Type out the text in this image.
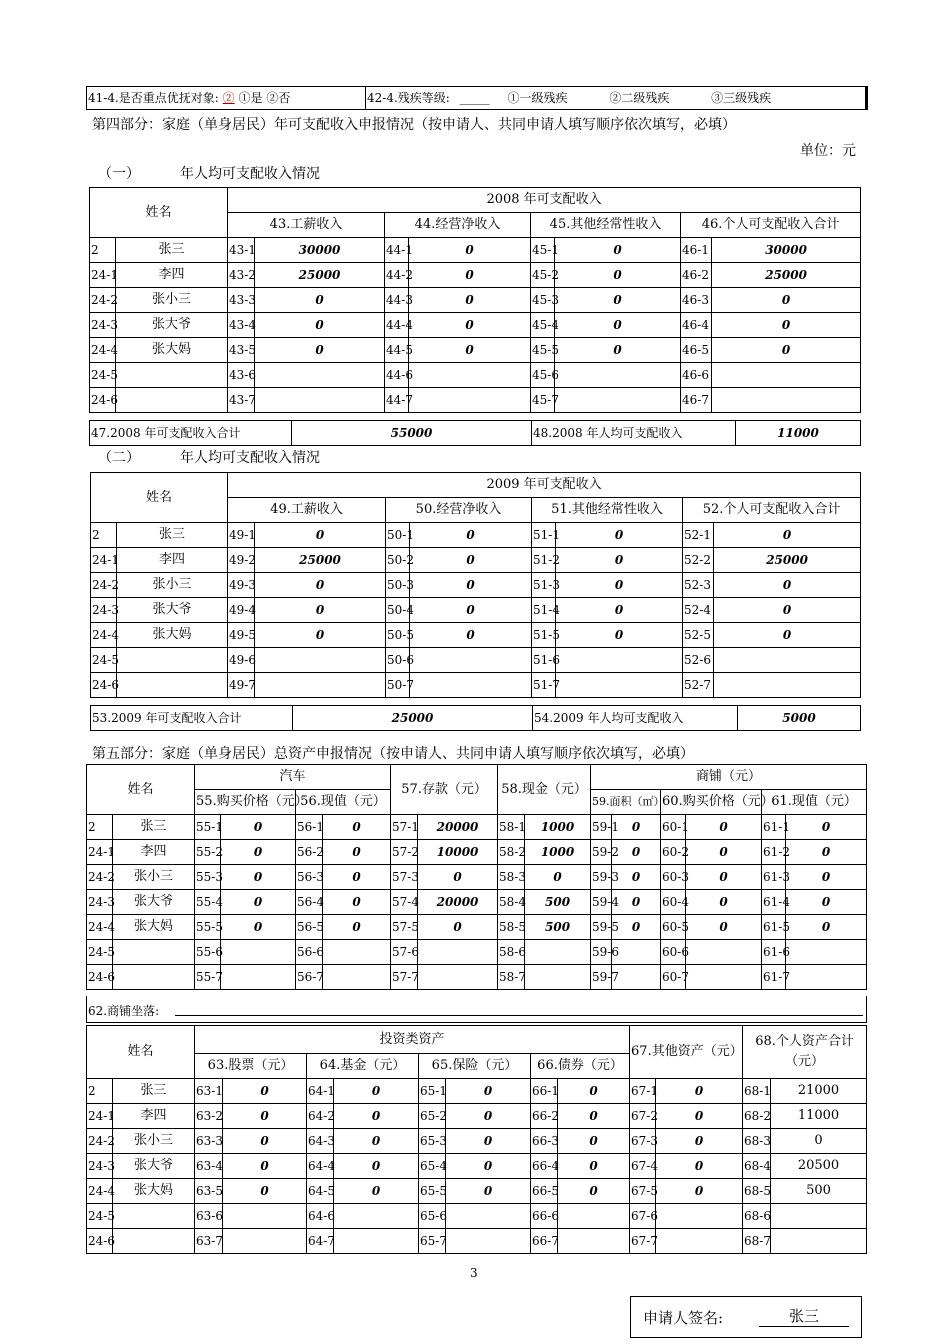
41-4.是否重点优抚对象: ② ①是 ②否	42-4.残疾等级: _____ ①一级残疾	②二级残疾	③三级残疾
第四部分：家庭（单身居民）年可支配收入申报情况（按申请人、共同申请人填写顺序依次填写，必填）
单位：元
（一）	年人均可支配收入情况
姓名		2008 年可支配收入							
		43.工薪收入		44.经营净收入		45.其他经常性收入		46.个人可支配收入合计	
2	张三	43-1	30000	44-1	0	45-1	0	46-1	30000
24-1	李四	43-2	25000	44-2	0	45-2	0	46-2	25000
24-2	张小三	43-3	0	44-3	0	45-3	0	46-3	0
24-3	张大爷	43-4	0	44-4	0	45-4	0	46-4	0
24-4	张大妈	43-5	0	44-5	0	45-5	0	46-5	0
24-5		43-6		44-6		45-6		46-6	
24-6		43-7		44-7		45-7		46-7	
47.2008 年可支配收入合计	55000	48.2008 年人均可支配收入	11000
（二）	年人均可支配收入情况
姓名		2009 年可支配收入							
		49.工薪收入		50.经营净收入		51.其他经常性收入		52.个人可支配收入合计	
2	张三	49-1	0	50-1	0	51-1	0	52-1	0
24-1	李四	49-2	25000	50-2	0	51-2	0	52-2	25000
24-2	张小三	49-3	0	50-3	0	51-3	0	52-3	0
24-3	张大爷	49-4	0	50-4	0	51-4	0	52-4	0
24-4	张大妈	49-5	0	50-5	0	51-5	0	52-5	0
24-5		49-6		50-6		51-6		52-6	
24-6		49-7		50-7		51-7		52-7	
53.2009 年可支配收入合计	25000	54.2009 年人均可支配收入	5000
第五部分：家庭（单身居民）总资产申报情况（按申请人、共同申请人填写顺序依次填写，必填）
姓名		汽车				57.存款（元）		58.现金（元）		商铺（元）					
		55.购买价格（元）		56.现值（元）						59.面积（㎡）		60.购买价格（元）		61.现值（元）	
2	张三	55-1	0	56-1	0	57-1	20000	58-1	1000	59-1	0	60-1	0	61-1	0
24-1	李四	55-2	0	56-2	0	57-2	10000	58-2	1000	59-2	0	60-2	0	61-2	0
24-2	张小三	55-3	0	56-3	0	57-3	0	58-3	0	59-3	0	60-3	0	61-3	0
24-3	张大爷	55-4	0	56-4	0	57-4	20000	58-4	500	59-4	0	60-4	0	61-4	0
24-4	张大妈	55-5	0	56-5	0	57-5	0	58-5	500	59-5	0	60-5	0	61-5	0
24-5		55-6		56-6		57-6		58-6		59-6		60-6		61-6	
24-6		55-7		56-7		57-7		58-7		59-7		60-7		61-7	
62.商铺坐落:
姓名		投资类资产								67.其他资产（元）		68.个人资产合计
（元）	

		63.股票（元）		64.基金（元）		65.保险（元）		66.债券（元）					
2	张三	63-1	0	64-1	0	65-1	0	66-1	0	67-1	0	68-1	21000
24-1	李四	63-2	0	64-2	0	65-2	0	66-2	0	67-2	0	68-2	11000
24-2	张小三	63-3	0	64-3	0	65-3	0	66-3	0	67-3	0	68-3	0
24-3	张大爷	63-4	0	64-4	0	65-4	0	66-4	0	67-4	0	68-4	20500
24-4	张大妈	63-5	0	64-5	0	65-5	0	66-5	0	67-5	0	68-5	500
24-5		63-6		64-6		65-6		66-6		67-6		68-6	
24-6		63-7		64-7		65-7		66-7		67-7		68-7	
3
申请人签名:	张三
